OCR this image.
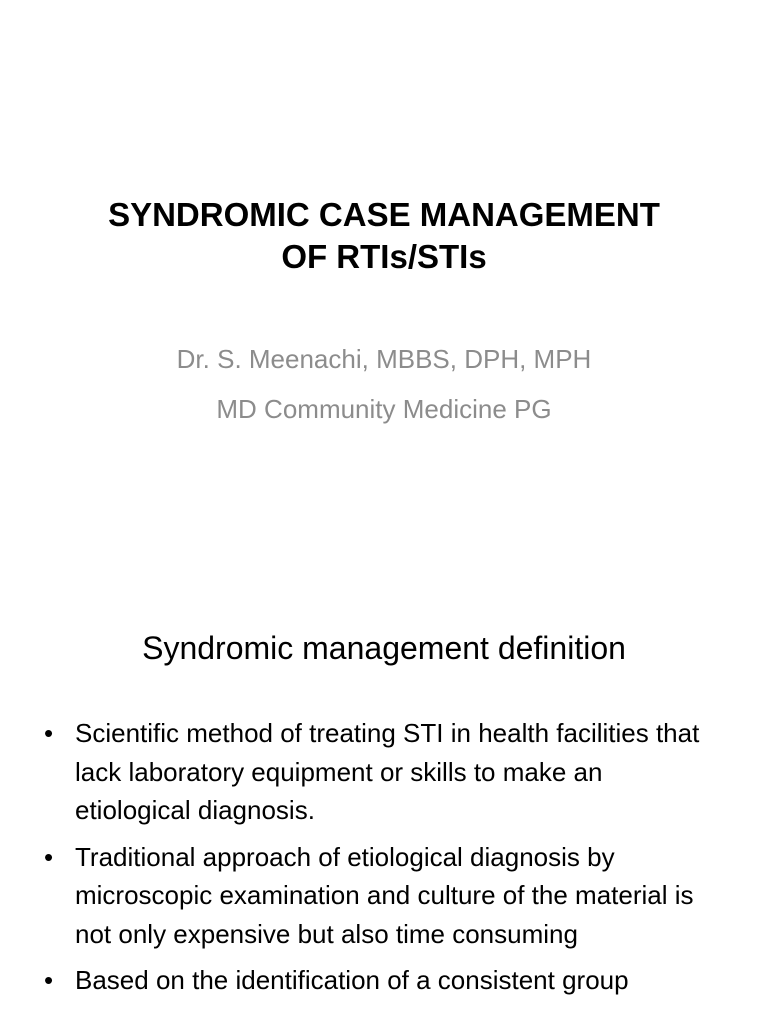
SYNDROMIC CASE MANAGEMENT
OF RTIs/STIs
Dr. S. Meenachi, MBBS, DPH, MPH
MD Community Medicine PG
Syndromic management definition
• Scientific method of treating STI in health facilities that lack laboratory equipment or skills to make an etiological diagnosis.
• Traditional approach of etiological diagnosis by microscopic examination and culture of the material is not only expensive but also time consuming
• Based on the identification of a consistent group
